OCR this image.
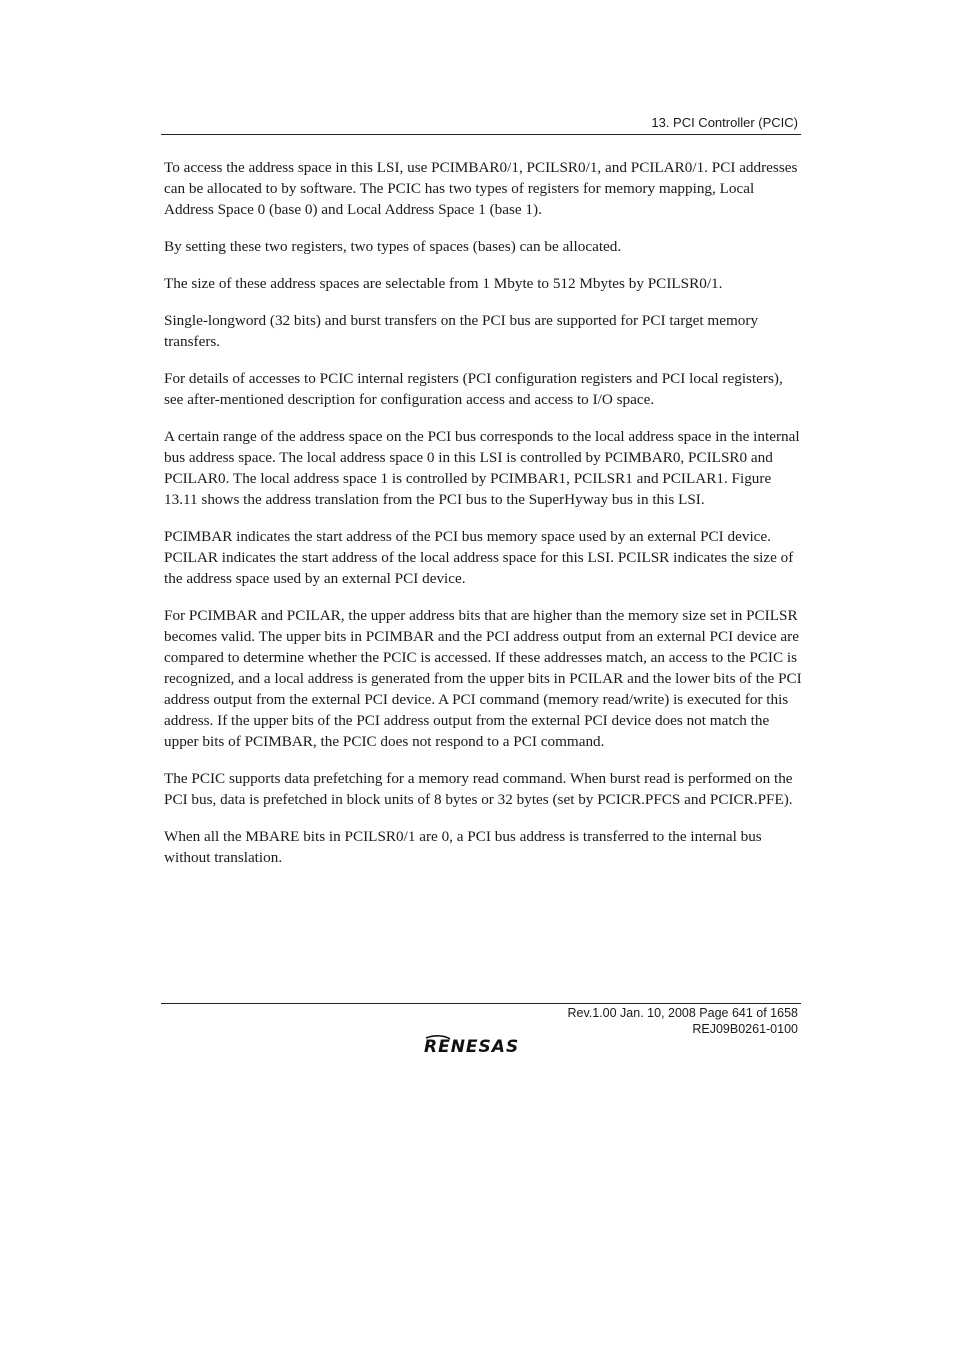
13. PCI Controller (PCIC)

To access the address space in this LSI, use PCIMBAR0/1, PCILSR0/1, and PCILAR0/1. PCI addresses can be allocated to by software. The PCIC has two types of registers for memory mapping, Local Address Space 0 (base 0) and Local Address Space 1 (base 1).

By setting these two registers, two types of spaces (bases) can be allocated.

The size of these address spaces are selectable from 1 Mbyte to 512 Mbytes by PCILSR0/1.

Single-longword (32 bits) and burst transfers on the PCI bus are supported for PCI target memory transfers.

For details of accesses to PCIC internal registers (PCI configuration registers and PCI local registers), see after-mentioned description for configuration access and access to I/O space.

A certain range of the address space on the PCI bus corresponds to the local address space in the internal bus address space. The local address space 0 in this LSI is controlled by PCIMBAR0, PCILSR0 and PCILAR0. The local address space 1 is controlled by PCIMBAR1, PCILSR1 and PCILAR1. Figure 13.11 shows the address translation from the PCI bus to the SuperHyway bus in this LSI.

PCIMBAR indicates the start address of the PCI bus memory space used by an external PCI device. PCILAR indicates the start address of the local address space for this LSI. PCILSR indicates the size of the address space used by an external PCI device.

For PCIMBAR and PCILAR, the upper address bits that are higher than the memory size set in PCILSR becomes valid. The upper bits in PCIMBAR and the PCI address output from an external PCI device are compared to determine whether the PCIC is accessed. If these addresses match, an access to the PCIC is recognized, and a local address is generated from the upper bits in PCILAR and the lower bits of the PCI address output from the external PCI device. A PCI command (memory read/write) is executed for this address. If the upper bits of the PCI address output from the external PCI device does not match the upper bits of PCIMBAR, the PCIC does not respond to a PCI command.

The PCIC supports data prefetching for a memory read command. When burst read is performed on the PCI bus, data is prefetched in block units of 8 bytes or 32 bytes (set by PCICR.PFCS and PCICR.PFE).

When all the MBARE bits in PCILSR0/1 are 0, a PCI bus address is transferred to the internal bus without translation.

Rev.1.00 Jan. 10, 2008 Page 641 of 1658
REJ09B0261-0100
RENESAS
